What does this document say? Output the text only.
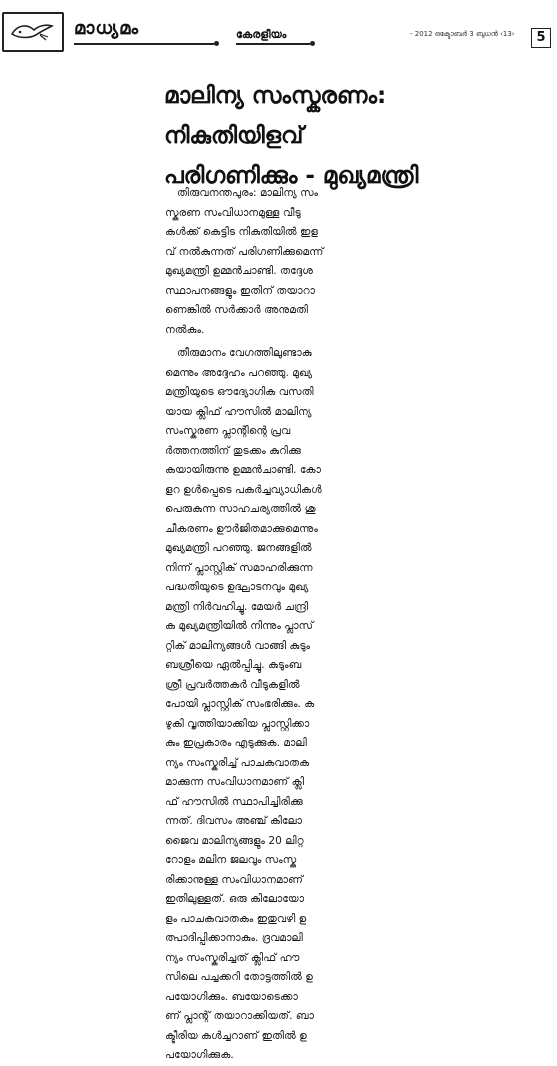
മാധ്യമം	കേരളീയം	- 2012 ഒക്ടോബർ 3 ബുധൻ ‹13›	5
മാലിന്യ സംസ്കരണം:
നികുതിയിളവ്
പരിഗണിക്കും - മുഖ്യമന്ത്രി

തിരുവനന്തപുരം: മാലിന്യ സം
സ്കരണ സംവിധാനമുള്ള വീടു
കൾക്ക് കെട്ടിട നികുതിയിൽ ഇള
വ് നൽകുന്നത് പരിഗണിക്കുമെന്ന്
മുഖ്യമന്ത്രി ഉമ്മൻചാണ്ടി. തദ്ദേശ
സ്ഥാപനങ്ങളും ഇതിന് തയാറാ
ണെങ്കിൽ സർക്കാർ അനുമതി
നൽകും.

തീരുമാനം വേഗത്തിലുണ്ടാകു
മെന്നും അദ്ദേഹം പറഞ്ഞു. മുഖ്യ
മന്ത്രിയുടെ ഔദ്യോഗിക വസതി
യായ ക്ലിഫ് ഹൗസിൽ മാലിന്യ
സംസ്കരണ പ്ലാന്റിന്റെ പ്രവ
ർത്തനത്തിന് തുടക്കം കുറിക്കു
കയായിരുന്നു ഉമ്മൻചാണ്ടി. കോ
ളറ ഉൾപ്പെടെ പകർച്ചവ്യാധികൾ
പെരുകുന്ന സാഹചര്യത്തിൽ ശു
ചീകരണം ഊർജിതമാക്കുമെന്നും
മുഖ്യമന്ത്രി പറഞ്ഞു. ജനങ്ങളിൽ
നിന്ന് പ്ലാസ്റ്റിക് സമാഹരിക്കുന്ന
പദ്ധതിയുടെ ഉദ്ഘാടനവും മുഖ്യ
മന്ത്രി നിർവഹിച്ചു. മേയർ ചന്ദ്രി
ക മുഖ്യമന്ത്രിയിൽ നിന്നും പ്ലാസ്
റ്റിക് മാലിന്യങ്ങൾ വാങ്ങി കുടും
ബശ്രീയെ ഏൽപ്പിച്ചു. കുടുംബ
ശ്രീ പ്രവർത്തകർ വീടുകളിൽ
പോയി പ്ലാസ്റ്റിക് സംഭരിക്കും. ക
ഴുകി വൃത്തിയാക്കിയ പ്ലാസ്റ്റിക്കാ
കും ഇപ്രകാരം എടുക്കുക. മാലി
ന്യം സംസ്കരിച്ച് പാചകവാതക
മാക്കുന്ന സംവിധാനമാണ് ക്ലി
ഫ് ഹൗസിൽ സ്ഥാപിച്ചിരിക്കു
ന്നത്. ദിവസം അഞ്ച് കിലോ
ജൈവ മാലിന്യങ്ങളും 20 ലിറ്റ
റോളം മലിന ജലവും സംസ്ക
രിക്കാനുള്ള സംവിധാനമാണ്
ഇതിലുള്ളത്. ഒരു കിലോയോ
ളം പാചകവാതകം ഇതുവഴി ഉ
ത്പാദിപ്പിക്കാനാകും. ദ്രവമാലി
ന്യം സംസ്കരിച്ചത് ക്ലിഫ് ഹൗ
സിലെ പച്ചക്കറി തോട്ടത്തിൽ ഉ
പയോഗിക്കും. ബയോടെക്കാ
ണ് പ്ലാന്റ് തയാറാക്കിയത്. ബാ
ക്ടീരിയ കൾച്ചറാണ് ഇതിൽ ഉ
പയോഗിക്കുക.
